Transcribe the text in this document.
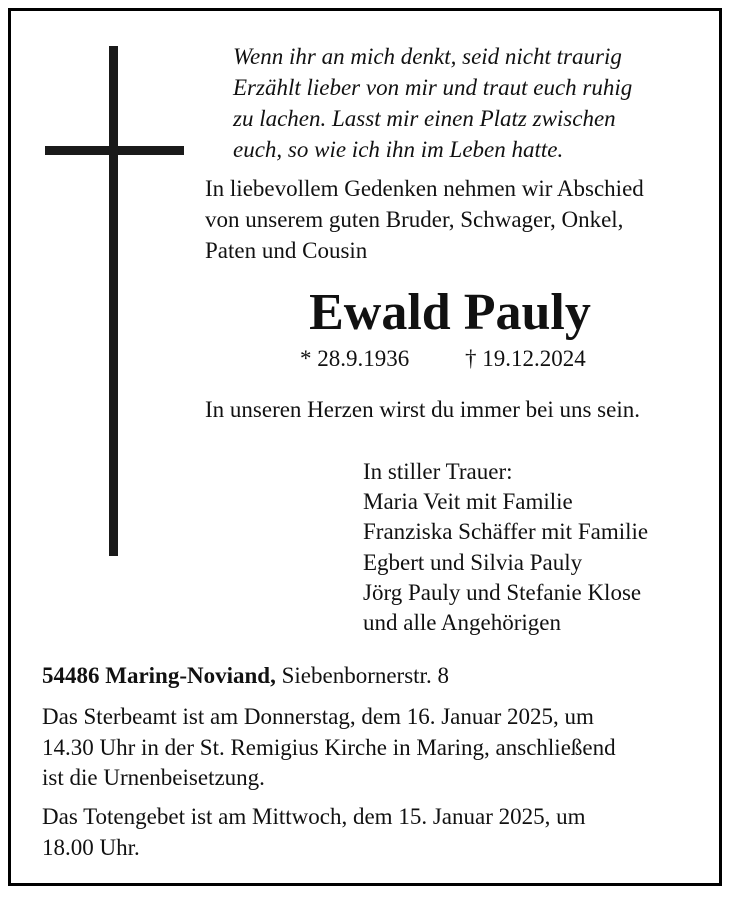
Wenn ihr an mich denkt, seid nicht traurig
Erzählt lieber von mir und traut euch ruhig
zu lachen. Lasst mir einen Platz zwischen
euch, so wie ich ihn im Leben hatte.
In liebevollem Gedenken nehmen wir Abschied
von unserem guten Bruder, Schwager, Onkel,
Paten und Cousin
Ewald Pauly
* 28.9.1936 † 19.12.2024
In unseren Herzen wirst du immer bei uns sein.
In stiller Trauer:
Maria Veit mit Familie
Franziska Schäffer mit Familie
Egbert und Silvia Pauly
Jörg Pauly und Stefanie Klose
und alle Angehörigen
54486 Maring-Noviand, Siebenbornerstr. 8
Das Sterbeamt ist am Donnerstag, dem 16. Januar 2025, um
14.30 Uhr in der St. Remigius Kirche in Maring, anschließend
ist die Urnenbeisetzung.
Das Totengebet ist am Mittwoch, dem 15. Januar 2025, um
18.00 Uhr.
